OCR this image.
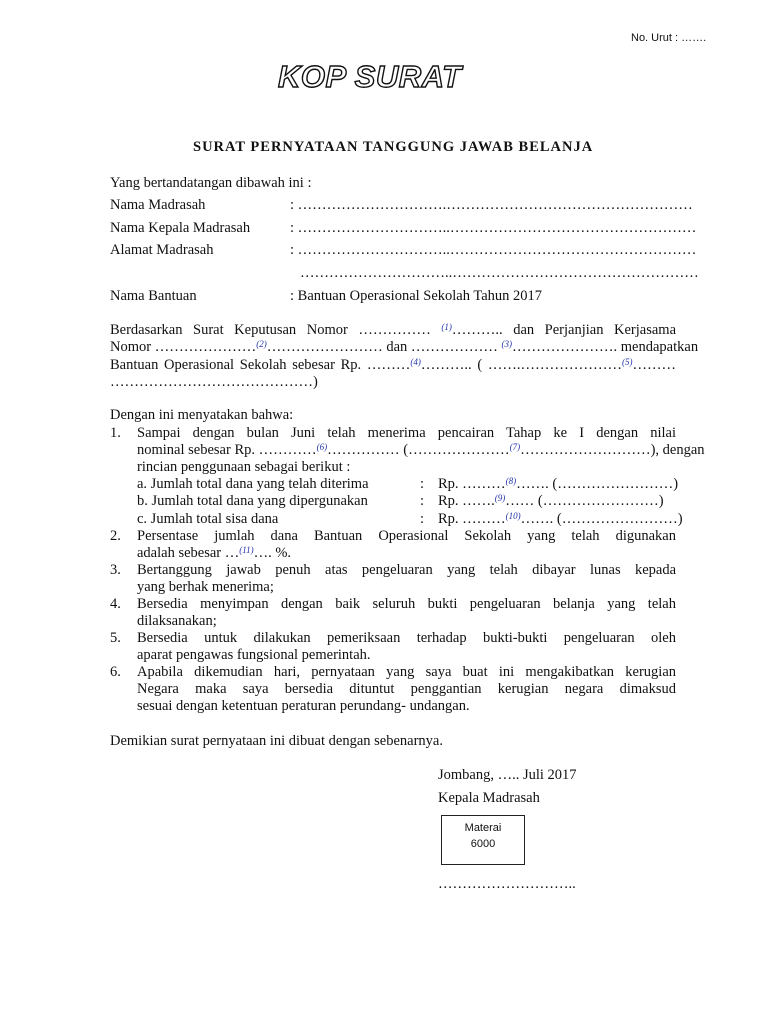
No. Urut : …….
KOP SURAT
SURAT PERNYATAAN TANGGUNG JAWAB BELANJA
Yang bertandatangan dibawah ini :
Nama Madrasah	: ………………………….……………………………………………
Nama Kepala Madrasah	: …………………………..……………………………………………
Alamat Madrasah	: …………………………..……………………………………………
…………………………..……………………………………………
Nama Bantuan	: Bantuan Operasional Sekolah Tahun 2017
Berdasarkan Surat Keputusan Nomor …………… $^{(1)}$……….. dan Perjanjian Kerjasama
Nomor …………………$^{(2)}$…………………… dan ……………… $^{(3)}$…………………. mendapatkan
Bantuan Operasional Sekolah sebesar Rp. ………$^{(4)}$……….. ( …….…………………$^{(5)}$………
……………………………………)
Dengan ini menyatakan bahwa:
1. Sampai dengan bulan Juni telah menerima pencairan Tahap ke I dengan nilai
nominal sebesar Rp. …………$^{(6)}$…………… (…………………$^{(7)}$………………………), dengan
rincian penggunaan sebagai berikut :
a. Jumlah total dana yang telah diterima	: Rp. ………$^{(8)}$……. (……………………)
b. Jumlah total dana yang dipergunakan	: Rp. …….$^{(9)}$…… (……………………)
c. Jumlah total sisa dana	: Rp. ………$^{(10)}$……. (……………………)
2. Persentase jumlah dana Bantuan Operasional Sekolah yang telah digunakan
adalah sebesar …$^{(11)}$…. %.
3. Bertanggung jawab penuh atas pengeluaran yang telah dibayar lunas kepada
yang berhak menerima;
4. Bersedia menyimpan dengan baik seluruh bukti pengeluaran belanja yang telah
dilaksanakan;
5. Bersedia untuk dilakukan pemeriksaan terhadap bukti-bukti pengeluaran oleh
aparat pengawas fungsional pemerintah.
6. Apabila dikemudian hari, pernyataan yang saya buat ini mengakibatkan kerugian
Negara maka saya bersedia dituntut penggantian kerugian negara dimaksud
sesuai dengan ketentuan peraturan perundang- undangan.
Demikian surat pernyataan ini dibuat dengan sebenarnya.
Jombang, ….. Juli 2017
Kepala Madrasah
Materai
6000
………………………..
